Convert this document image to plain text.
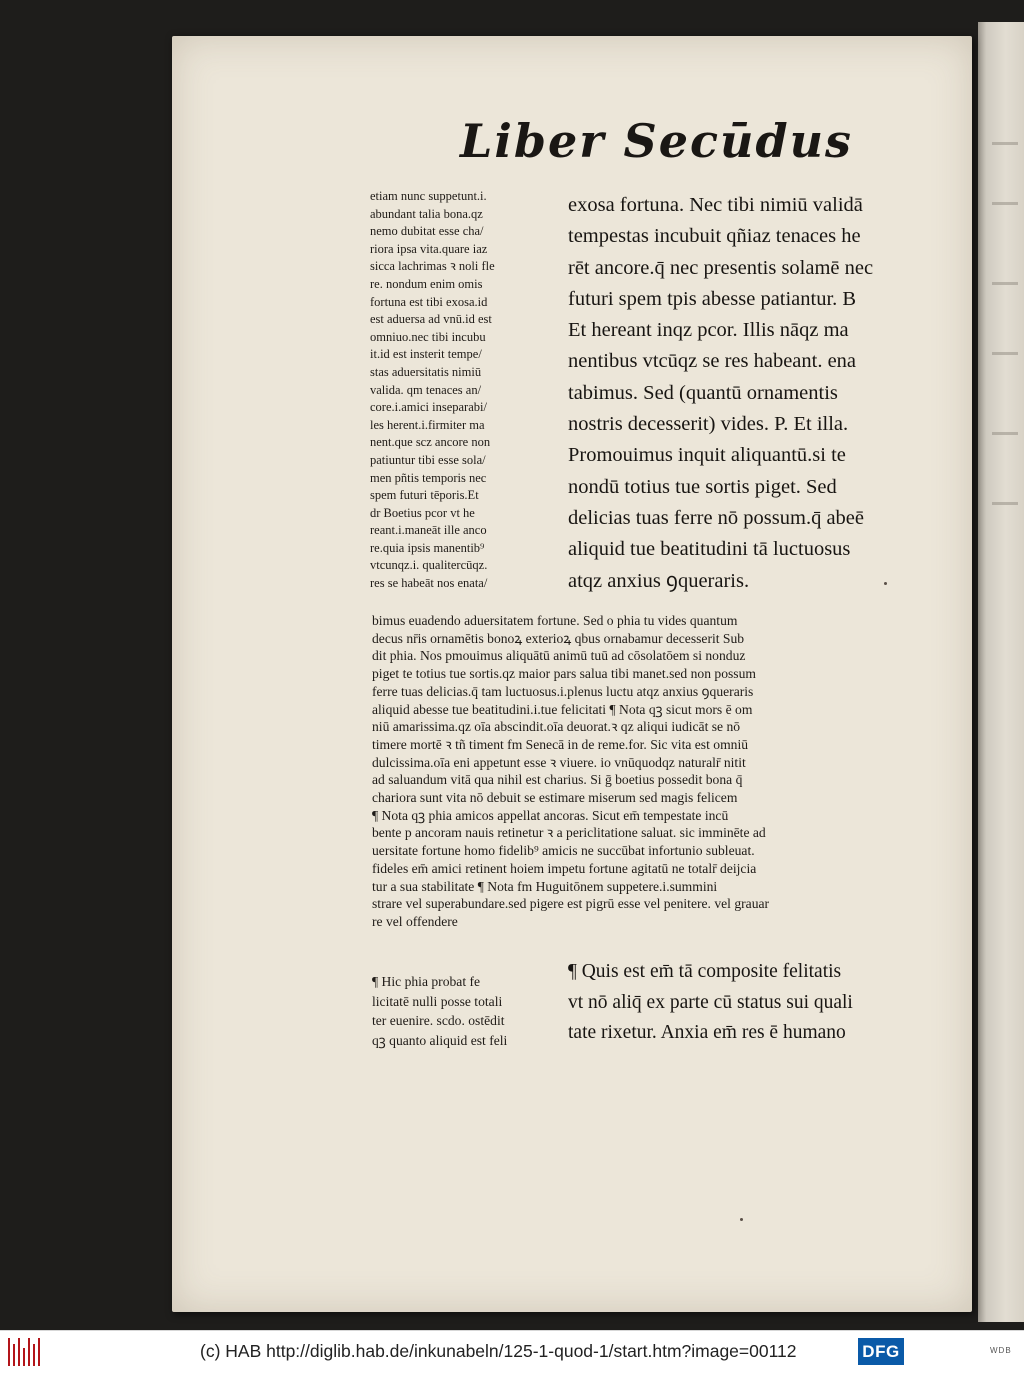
Liber Secūdus
etiam nunc suppetunt.i.
abundant talia bona.qz
nemo dubitat esse cha/
riora ipsa vita.quare iaz
sicca lachrimas ꝛ noli fle
re. nondum enim omis
fortuna est tibi exosa.id
est aduersa ad vnū.id est
omniuo.nec tibi incubu
it.id est insterit tempe/
stas aduersitatis nimiū
valida. qm tenaces an/
core.i.amici inseparabi/
les herent.i.firmiter ma
nent.que scz ancore non
patiuntur tibi esse sola/
men pñtis temporis nec
spem futuri tēporis.Et
dr Boetius pcor vt he
reant.i.maneāt ille anco
re.quia ipsis manentib⁹
vtcunqz.i. qualitercūqz.
res se habeāt nos enata/
exosa fortuna. Nec tibi nimiū validā
tempestas incubuit qñiaz tenaces he
rēt ancore.q̄ nec presentis solamē nec
futuri spem tpis abesse patiantur. B
Et hereant inqz pcor. Illis nāqz ma
nentibus vtcūqz se res habeant. ena
tabimus. Sed (quantū ornamentis
nostris decesserit) vides. P. Et illa.
Promouimus inquit aliquantū.si te
nondū totius tue sortis piget. Sed
delicias tuas ferre nō possum.q̄ abeē
aliquid tue beatitudini tā luctuosus
atqz anxius ꝯqueraris.
bimus euadendo aduersitatem fortune. Sed o phia tu vides quantum
decus nr̄is ornamētis bonoꝝ exterioꝝ qbus ornabamur decesserit Sub
dit phia. Nos pmouimus aliquātū animū tuū ad cōsolatōem si nonduz
piget te totius tue sortis.qz maior pars salua tibi manet.sed non possum
ferre tuas delicias.q̄ tam luctuosus.i.plenus luctu atqz anxius ꝯqueraris
aliquid abesse tue beatitudini.i.tue felicitati ¶ Nota qꝫ sicut mors ē om
niū amarissima.qz oīa abscindit.oīa deuorat.ꝛ qz aliqui iudicāt se nō
timere mortē ꝛ tñ timent fm Senecā in de reme.for. Sic vita est omniū
dulcissima.oīa eni appetunt esse ꝛ viuere. io vnūquodqz naturalr̄ nitit
ad saluandum vitā qua nihil est charius. Si ḡ boetius possedit bona q̄
chariora sunt vita nō debuit se estimare miserum sed magis felicem
¶ Nota qꝫ phia amicos appellat ancoras. Sicut em̄ tempestate incū
bente p ancoram nauis retinetur ꝛ a periclitatione saluat. sic imminēte ad
uersitate fortune homo fidelib⁹ amicis ne succūbat infortunio subleuat.
fideles em̄ amici retinent hoiem impetu fortune agitatū ne totalr̄ deijcia
tur a sua stabilitate ¶ Nota fm Huguitōnem suppetere.i.summini
strare vel superabundare.sed pigere est pigrū esse vel penitere. vel grauar
re vel offendere
¶ Hic phia probat fe
licitatē nulli posse totali
ter euenire. scdo. ostēdit
qꝫ quanto aliquid est feli
¶ Quis est em̄ tā composite felitatis
vt nō aliq̄ ex parte cū status sui quali
tate rixetur. Anxia em̄ res ē humano
(c) HAB http://diglib.hab.de/inkunabeln/125-1-quod-1/start.htm?image=00112	DFG	WDB
